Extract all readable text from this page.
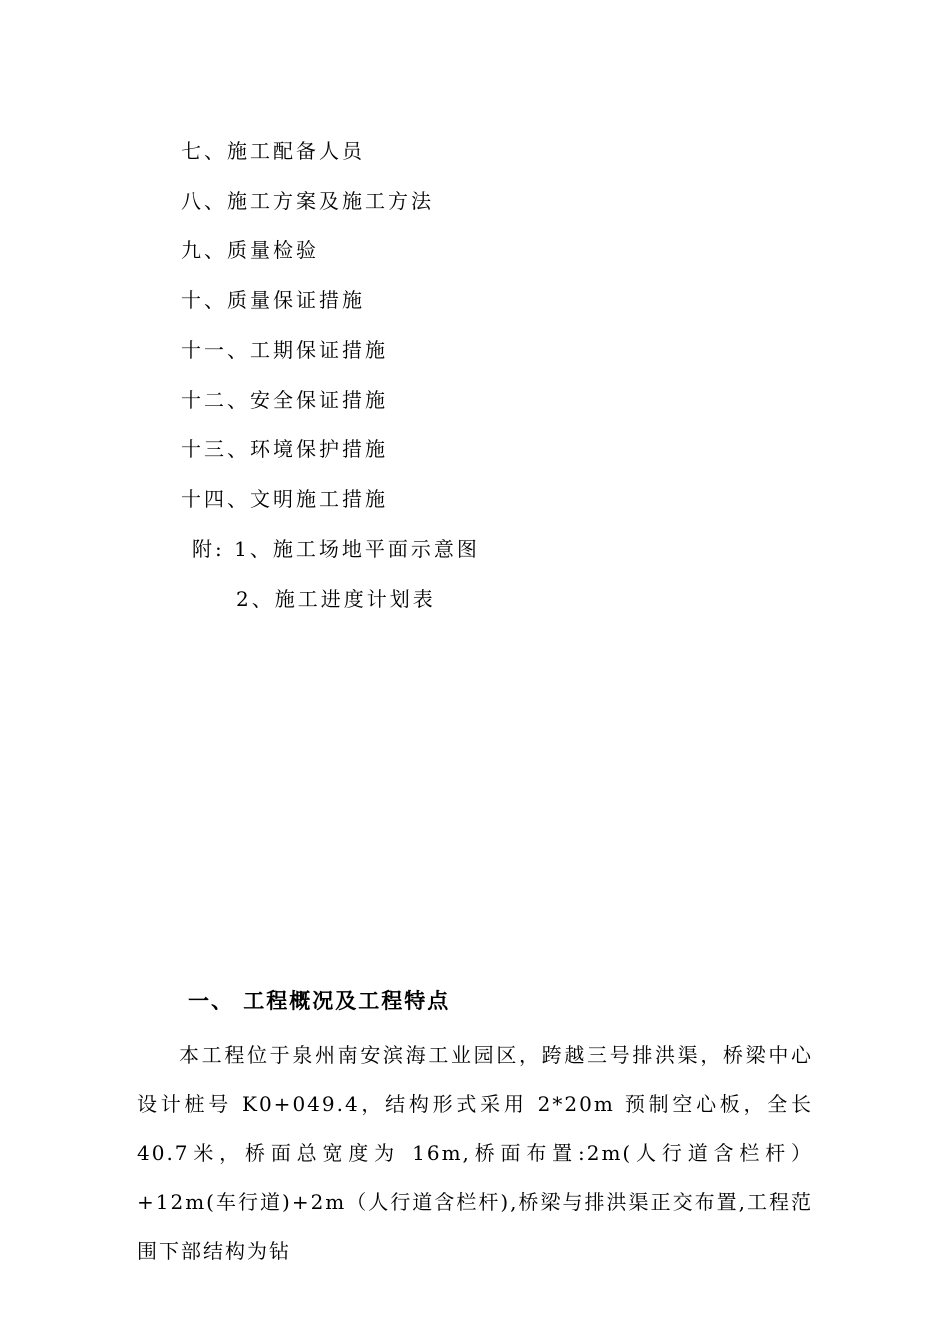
七、施工配备人员
八、施工方案及施工方法
九、质量检验
十、质量保证措施
十一、工期保证措施
十二、安全保证措施
十三、环境保护措施
十四、文明施工措施
附: 1、施工场地平面示意图
2、施工进度计划表
一、 工程概况及工程特点
本工程位于泉州南安滨海工业园区，跨越三号排洪渠，桥梁中心设计桩号 K0+049.4，结构形式采用 2*20m 预制空心板，全长 40.7米，桥面总宽度为 16m,桥面布置:2m(人行道含栏杆）+12m(车行道)+2m（人行道含栏杆),桥梁与排洪渠正交布置,工程范围下部结构为钻
